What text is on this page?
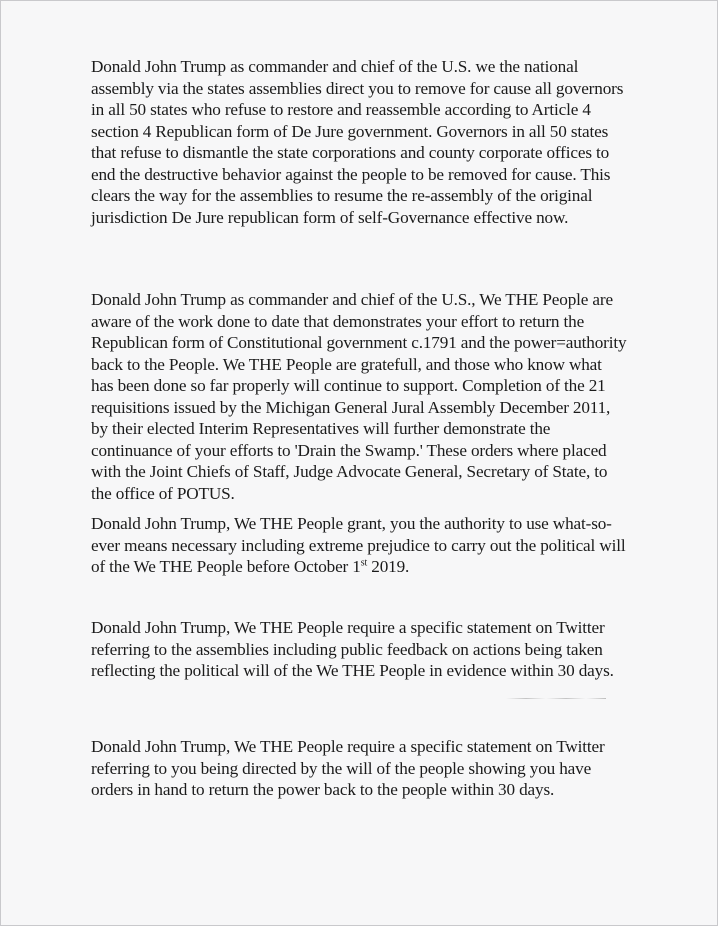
Donald John Trump as commander and chief of the U.S. we the national assembly via the states assemblies direct you to remove for cause all governors in all 50 states who refuse to restore and reassemble according to Article 4 section 4 Republican form of De Jure government. Governors in all 50 states that refuse to dismantle the state corporations and county corporate offices to end the destructive behavior against the people to be removed for cause. This clears the way for the assemblies to resume the re-assembly of the original jurisdiction De Jure republican form of self-Governance effective now.

Donald John Trump as commander and chief of the U.S., We THE People are aware of the work done to date that demonstrates your effort to return the Republican form of Constitutional government c.1791 and the power=authority back to the People. We THE People are gratefull, and those who know what has been done so far properly will continue to support. Completion of the 21 requisitions issued by the Michigan General Jural Assembly December 2011, by their elected Interim Representatives will further demonstrate the continuance of your efforts to 'Drain the Swamp.' These orders where placed with the Joint Chiefs of Staff, Judge Advocate General, Secretary of State, to the office of POTUS.

Donald John Trump, We THE People grant, you the authority to use what-so-ever means necessary including extreme prejudice to carry out the political will of the We THE People before October 1st 2019.

Donald John Trump, We THE People require a specific statement on Twitter referring to the assemblies including public feedback on actions being taken reflecting the political will of the We THE People in evidence within 30 days.

Donald John Trump, We THE People require a specific statement on Twitter referring to you being directed by the will of the people showing you have orders in hand to return the power back to the people within 30 days.
